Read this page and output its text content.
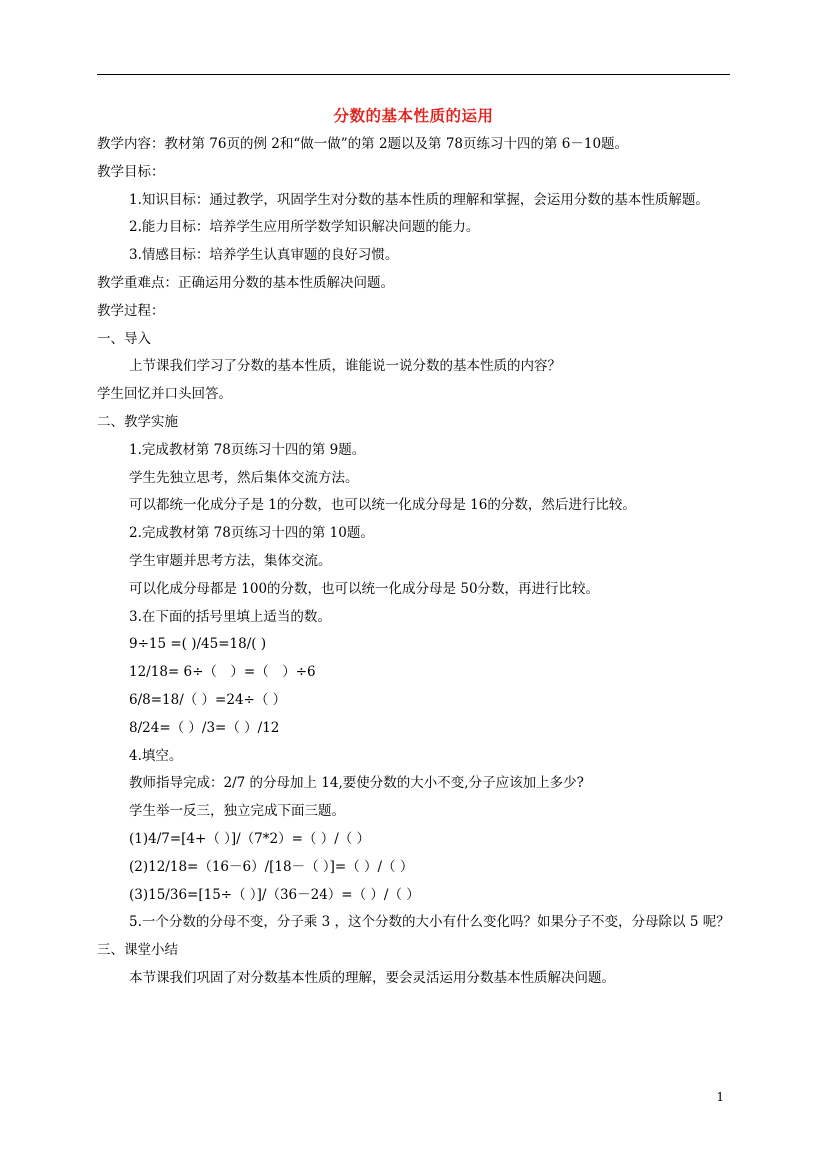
分数的基本性质的运用
教学内容：教材第 76页的例 2和“做一做”的第 2题以及第 78页练习十四的第 6－10题。
教学目标：
1.知识目标：通过教学，巩固学生对分数的基本性质的理解和掌握，会运用分数的基本性质解题。
2.能力目标：培养学生应用所学数学知识解决问题的能力。
3.情感目标：培养学生认真审题的良好习惯。
教学重难点：正确运用分数的基本性质解决问题。
教学过程：
一、导入
上节课我们学习了分数的基本性质，谁能说一说分数的基本性质的内容？
学生回忆并口头回答。
二、教学实施
1.完成教材第 78页练习十四的第 9题。
学生先独立思考，然后集体交流方法。
可以都统一化成分子是 1的分数，也可以统一化成分母是 16的分数，然后进行比较。
2.完成教材第 78页练习十四的第 10题。
学生审题并思考方法，集体交流。
可以化成分母都是 100的分数，也可以统一化成分母是 50分数，再进行比较。
3.在下面的括号里填上适当的数。
9÷15 =( )/45=18/( )
12/18= 6÷（　）=（　）÷6
6/8=18/（ ）=24÷（ ）
8/24=（ ）/3=（ ）/12
4.填空。
教师指导完成：2/7 的分母加上 14,要使分数的大小不变,分子应该加上多少?
学生举一反三，独立完成下面三题。
(1)4/7=[4+（ ）]/（7*2）=（ ）/（ ）
(2)12/18=（16－6）/[18－（ ）]=（ ）/（ ）
(3)15/36=[15÷（ ）]/（36－24）=（ ）/（ ）
5.一个分数的分母不变，分子乘 3 ，这个分数的大小有什么变化吗？如果分子不变，分母除以 5 呢？
三、课堂小结
本节课我们巩固了对分数基本性质的理解，要会灵活运用分数基本性质解决问题。
1
